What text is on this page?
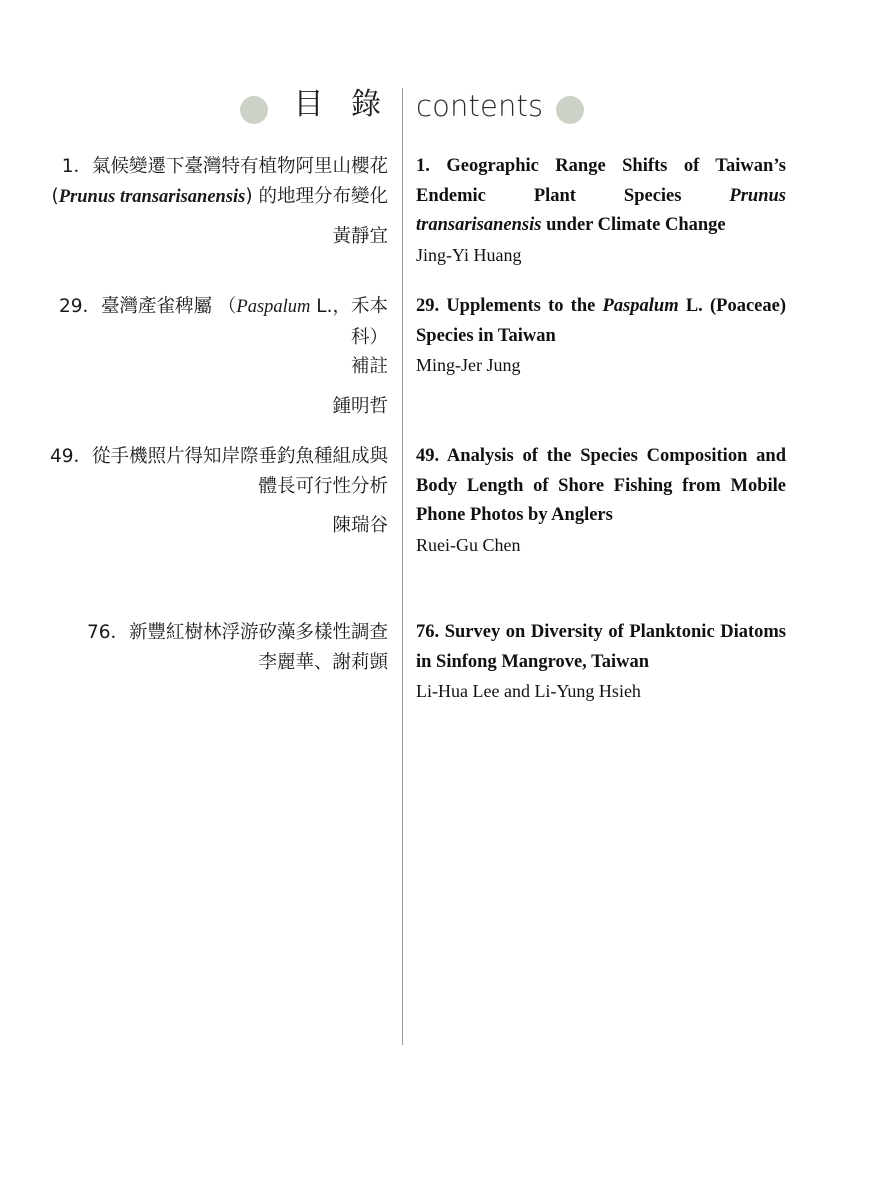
目 錄 contents
1．氣候變遷下臺灣特有植物阿里山櫻花
(Prunus transarisanensis) 的地理分布變化
黃靜宜
29．臺灣產雀稗屬 （Paspalum L.，禾本科）
補註
鍾明哲
49．從手機照片得知岸際垂釣魚種組成與
體長可行性分析
陳瑞谷
76．新豐紅樹林浮游矽藻多樣性調查
李麗華、謝莉顗
1. Geographic Range Shifts of Taiwan’s Endemic Plant Species Prunus transarisanensis under Climate Change
Jing-Yi Huang
29. Upplements to the Paspalum L. (Poaceae) Species in Taiwan
Ming-Jer Jung
49. Analysis of the Species Composition and Body Length of Shore Fishing from Mobile Phone Photos by Anglers
Ruei-Gu Chen
76. Survey on Diversity of Planktonic Diatoms in Sinfong Mangrove, Taiwan
Li-Hua Lee and Li-Yung Hsieh
